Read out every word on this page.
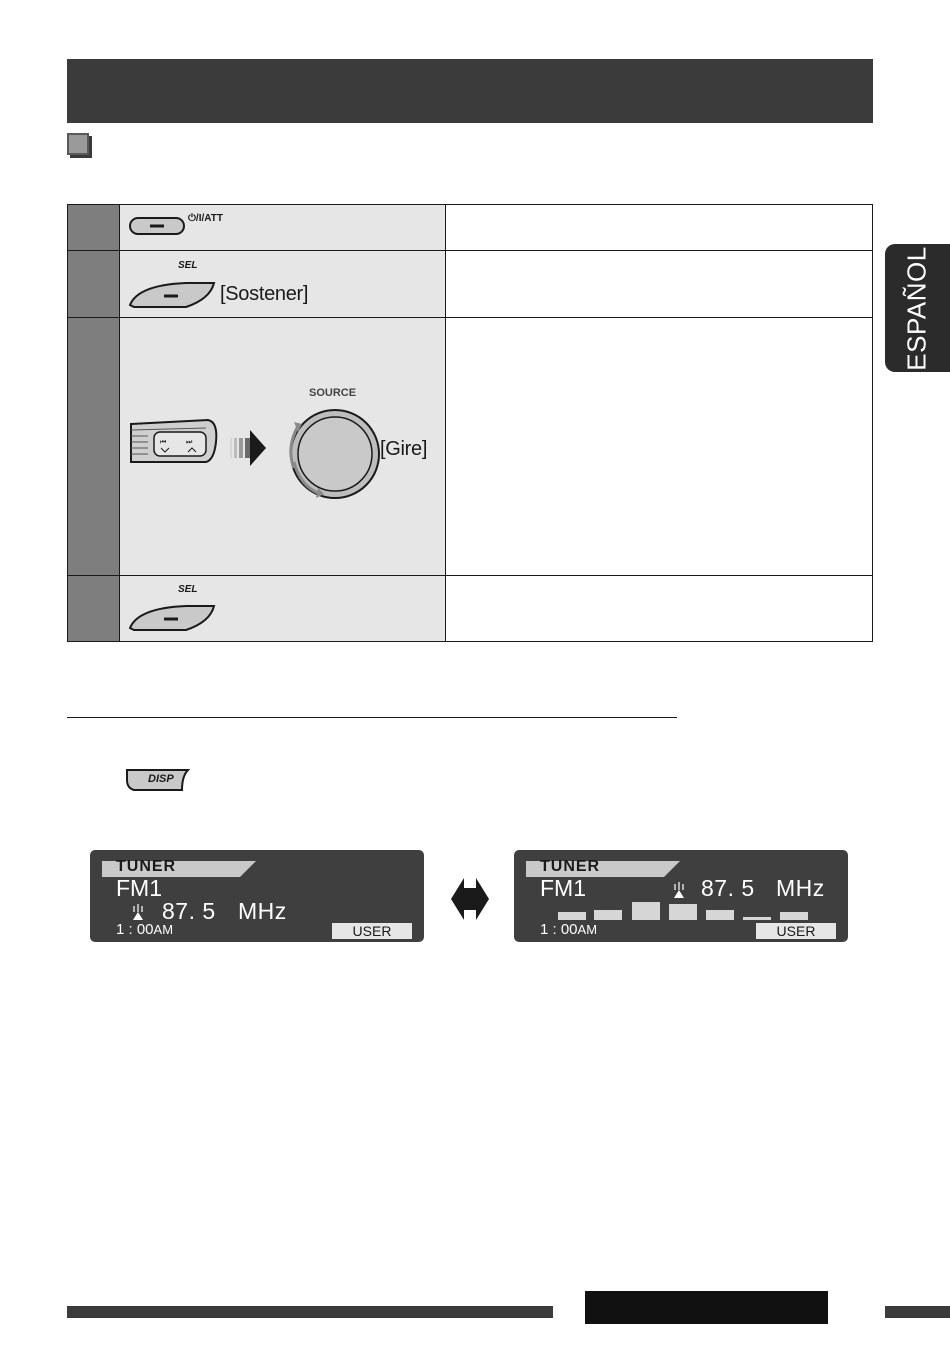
ESPAÑOL
⏻/I/ATT
SEL
[Sostener]
⏮	⏭
SOURCE
[Gire]
SEL
DISP
TUNER
FM1
87. 5 MHz
1 : 00AM	USER
TUNER
FM1	87. 5 MHz
1 : 00AM	USER
